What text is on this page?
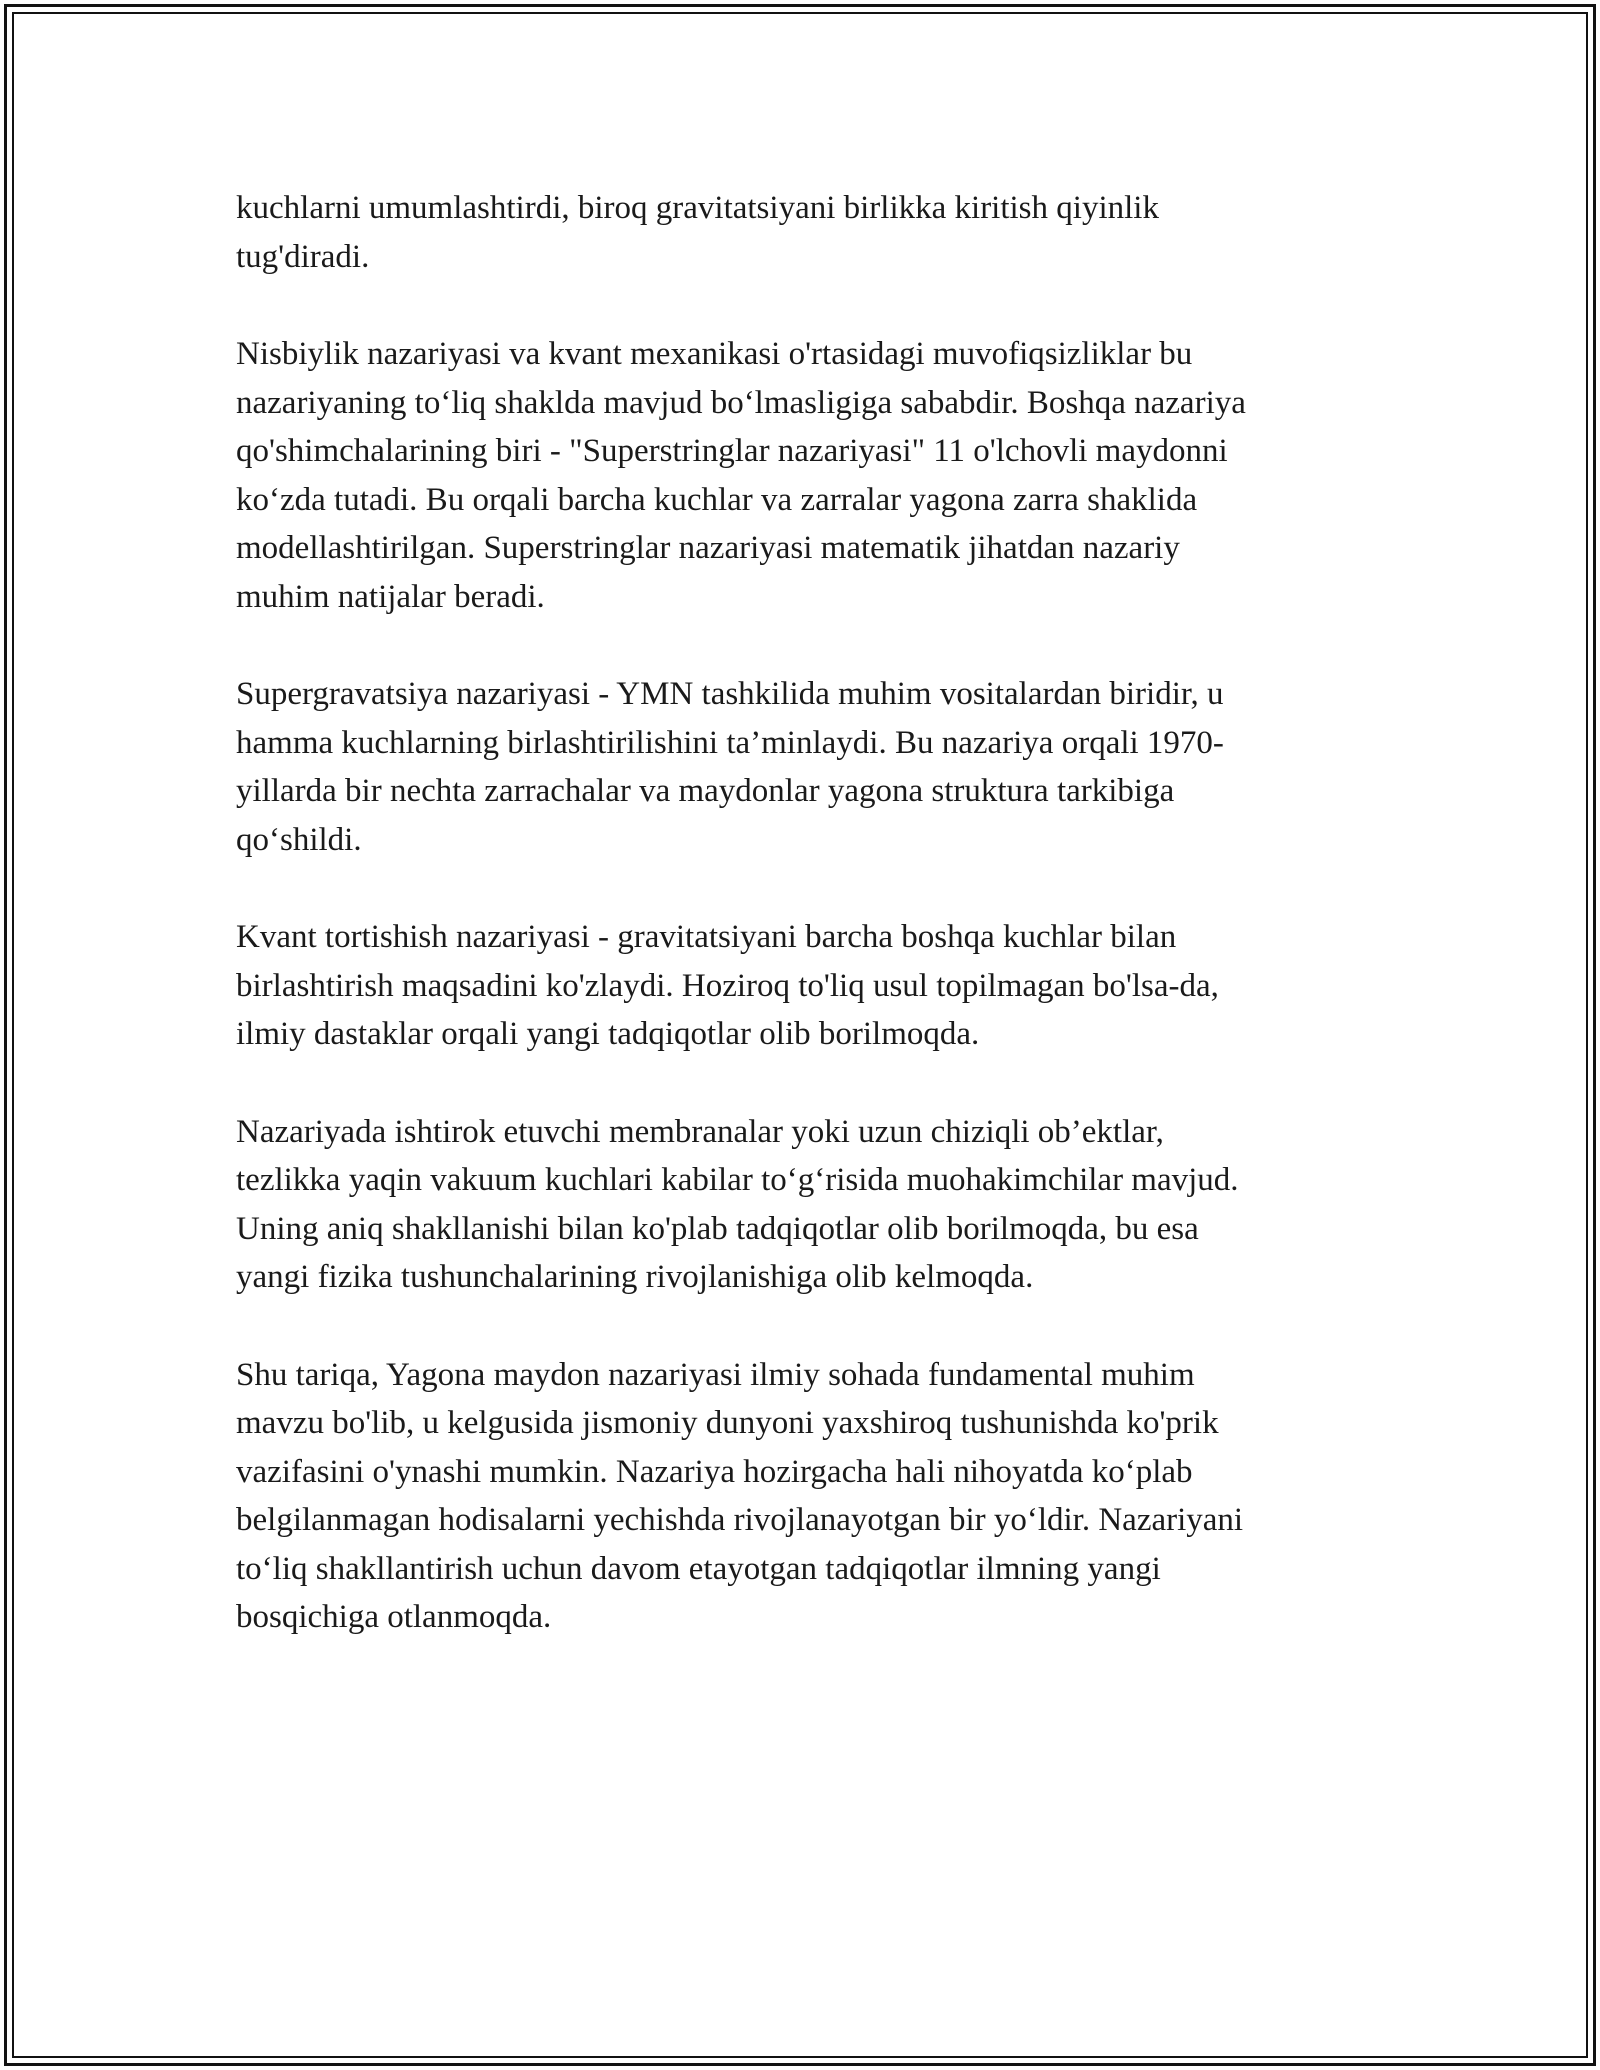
kuchlarni umumlashtirdi, biroq gravitatsiyani birlikka kiritish qiyinlik
tug'diradi.

Nisbiylik nazariyasi va kvant mexanikasi o'rtasidagi muvofiqsizliklar bu
nazariyaning to‘liq shaklda mavjud bo‘lmasligiga sababdir. Boshqa nazariya
qo'shimchalarining biri - "Superstringlar nazariyasi" 11 o'lchovli maydonni
ko‘zda tutadi. Bu orqali barcha kuchlar va zarralar yagona zarra shaklida
modellashtirilgan. Superstringlar nazariyasi matematik jihatdan nazariy
muhim natijalar beradi.

Supergravatsiya nazariyasi - YMN tashkilida muhim vositalardan biridir, u
hamma kuchlarning birlashtirilishini ta’minlaydi. Bu nazariya orqali 1970-
yillarda bir nechta zarrachalar va maydonlar yagona struktura tarkibiga
qo‘shildi.

Kvant tortishish nazariyasi - gravitatsiyani barcha boshqa kuchlar bilan
birlashtirish maqsadini ko'zlaydi. Hoziroq to'liq usul topilmagan bo'lsa-da,
ilmiy dastaklar orqali yangi tadqiqotlar olib borilmoqda.

Nazariyada ishtirok etuvchi membranalar yoki uzun chiziqli ob’ektlar,
tezlikka yaqin vakuum kuchlari kabilar to‘g‘risida muohakimchilar mavjud.
Uning aniq shakllanishi bilan ko'plab tadqiqotlar olib borilmoqda, bu esa
yangi fizika tushunchalarining rivojlanishiga olib kelmoqda.

Shu tariqa, Yagona maydon nazariyasi ilmiy sohada fundamental muhim
mavzu bo'lib, u kelgusida jismoniy dunyoni yaxshiroq tushunishda ko'prik
vazifasini o'ynashi mumkin. Nazariya hozirgacha hali nihoyatda ko‘plab
belgilanmagan hodisalarni yechishda rivojlanayotgan bir yo‘ldir. Nazariyani
to‘liq shakllantirish uchun davom etayotgan tadqiqotlar ilmning yangi
bosqichiga otlanmoqda.
